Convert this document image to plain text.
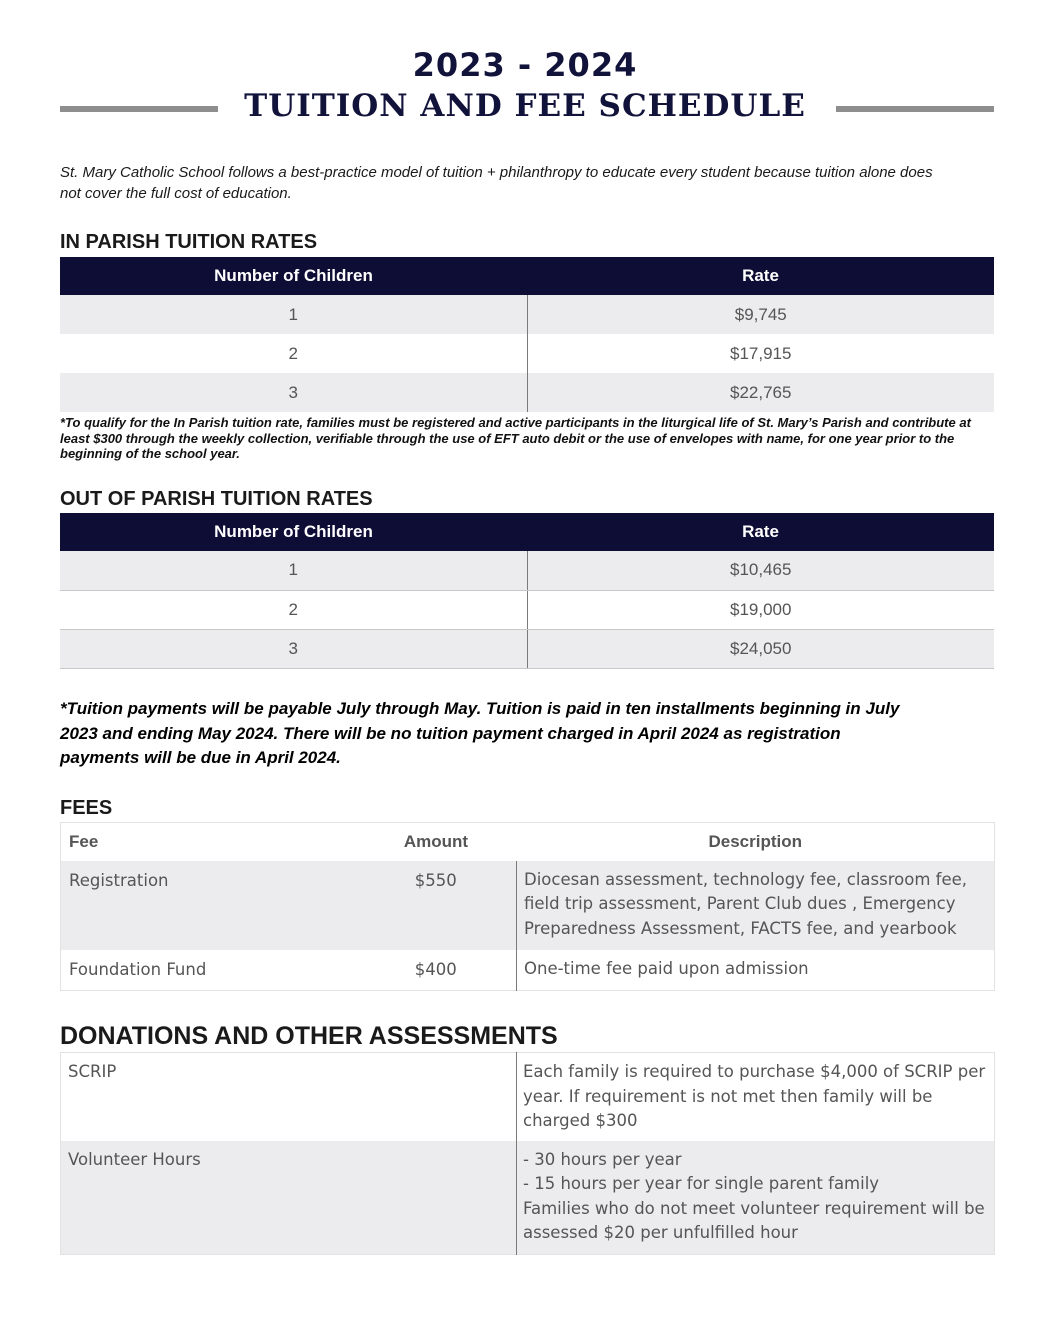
2023 - 2024
TUITION AND FEE SCHEDULE

St. Mary Catholic School follows a best-practice model of tuition + philanthropy to educate every student because tuition alone does not cover the full cost of education.

IN PARISH TUITION RATES
Number of Children	Rate
1	$9,745
2	$17,915
3	$22,765

*To qualify for the In Parish tuition rate, families must be registered and active participants in the liturgical life of St. Mary’s Parish and contribute at least $300 through the weekly collection, verifiable through the use of EFT auto debit or the use of envelopes with name, for one year prior to the beginning of the school year.

OUT OF PARISH TUITION RATES
Number of Children	Rate
1	$10,465
2	$19,000
3	$24,050

*Tuition payments will be payable July through May. Tuition is paid in ten installments beginning in July 2023 and ending May 2024. There will be no tuition payment charged in April 2024 as registration payments will be due in April 2024.

FEES
Fee	Amount	Description
Registration	$550	Diocesan assessment, technology fee, classroom fee, field trip assessment, Parent Club dues , Emergency Preparedness Assessment, FACTS fee, and yearbook
Foundation Fund	$400	One-time fee paid upon admission
DONATIONS AND OTHER ASSESSMENTS
SCRIP	Each family is required to purchase $4,000 of SCRIP per year. If requirement is not met then family will be charged $300

Volunteer Hours	- 30 hours per year
- 15 hours per year for single parent family
Families who do not meet volunteer requirement will be assessed $20 per unfulfilled hour
